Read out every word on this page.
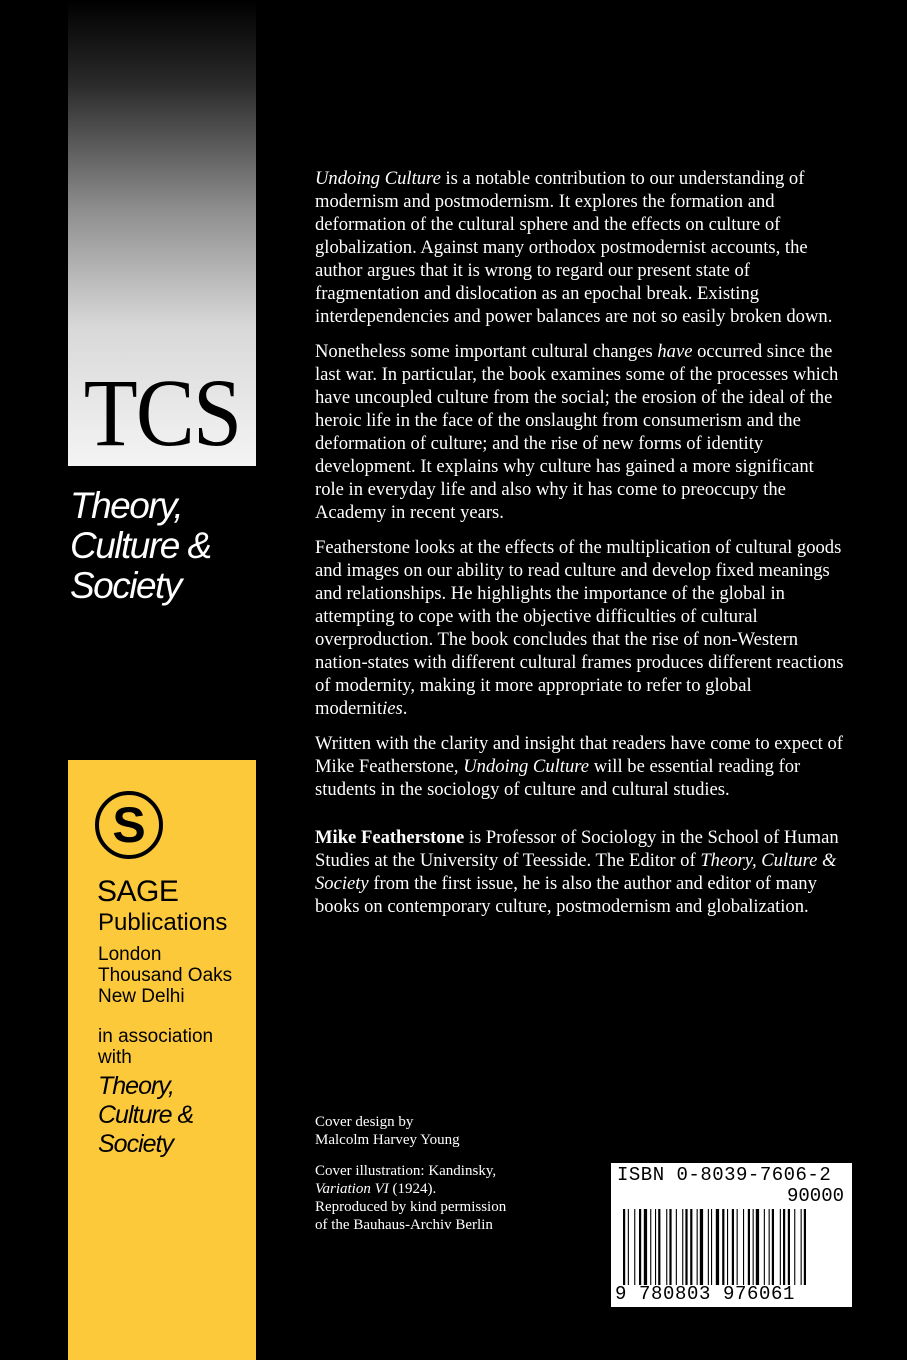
TCS
Theory,
Culture &
Society
S
SAGE
Publications
London
Thousand Oaks
New Delhi
in association
with
Theory,
Culture &
Society

Undoing Culture is a notable contribution to our understanding of modernism and postmodernism. It explores the formation and deformation of the cultural sphere and the effects on culture of globalization. Against many orthodox postmodernist accounts, the author argues that it is wrong to regard our present state of fragmentation and dislocation as an epochal break. Existing interdependencies and power balances are not so easily broken down.

Nonetheless some important cultural changes have occurred since the last war. In particular, the book examines some of the processes which have uncoupled culture from the social; the erosion of the ideal of the heroic life in the face of the onslaught from consumerism and the deformation of culture; and the rise of new forms of identity development. It explains why culture has gained a more significant role in everyday life and also why it has come to preoccupy the Academy in recent years.

Featherstone looks at the effects of the multiplication of cultural goods and images on our ability to read culture and develop fixed meanings and relationships. He highlights the importance of the global in attempting to cope with the objective difficulties of cultural overproduction. The book concludes that the rise of non-Western nation-states with different cultural frames produces different reactions of modernity, making it more appropriate to refer to global modernities.

Written with the clarity and insight that readers have come to expect of Mike Featherstone, Undoing Culture will be essential reading for students in the sociology of culture and cultural studies.

Mike Featherstone is Professor of Sociology in the School of Human Studies at the University of Teesside. The Editor of Theory, Culture & Society from the first issue, he is also the author and editor of many books on contemporary culture, postmodernism and globalization.

Cover design by
Malcolm Harvey Young

Cover illustration: Kandinsky,
Variation VI (1924).
Reproduced by kind permission
of the Bauhaus-Archiv Berlin

ISBN 0-8039-7606-2
90000
9 780803 976061
